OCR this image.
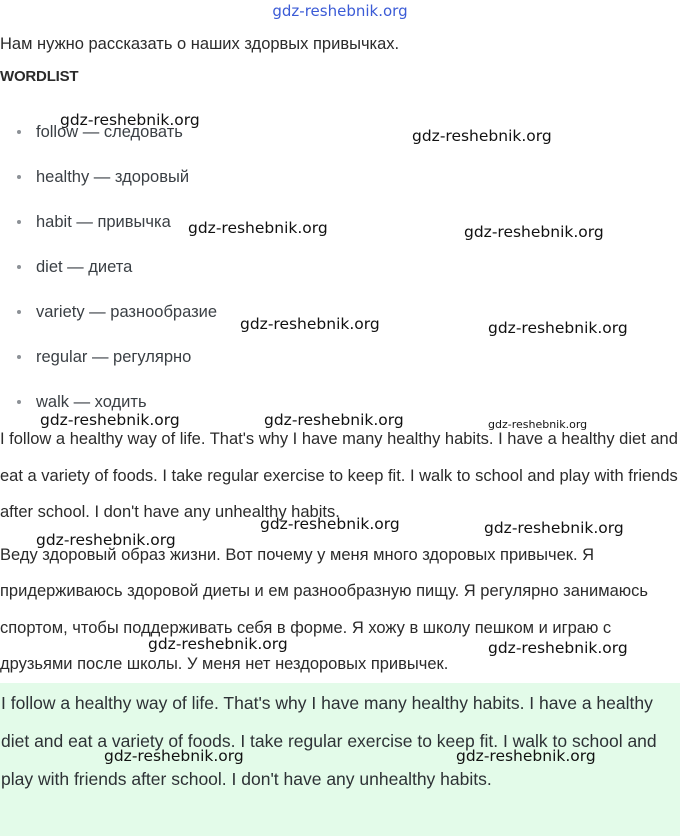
gdz-reshebnik.org
Нам нужно рассказать о наших здорвых привычках.
WORDLIST
follow — следовать
healthy — здоровый
habit — привычка
diet — диета
variety — разнообразие
regular — регулярно
walk — ходить

I follow a healthy way of life. That's why I have many healthy habits. I have a healthy diet and eat a variety of foods. I take regular exercise to keep fit. I walk to school and play with friends after school. I don't have any unhealthy habits.

Веду здоровый образ жизни. Вот почему у меня много здоровых привычек. Я придерживаюсь здоровой диеты и ем разнообразную пищу. Я регулярно занимаюсь спортом, чтобы поддерживать себя в форме. Я хожу в школу пешком и играю с друзьями после школы. У меня нет нездоровых привычек.

I follow a healthy way of life. That's why I have many healthy habits. I have a healthy diet and eat a variety of foods. I take regular exercise to keep fit. I walk to school and play with friends after school. I don't have any unhealthy habits.

gdz-reshebnik.org
gdz-reshebnik.org
gdz-reshebnik.org	gdz-reshebnik.org
gdz-reshebnik.org	gdz-reshebnik.org
gdz-reshebnik.org	gdz-reshebnik.org	gdz-reshebnik.org
gdz-reshebnik.org	gdz-reshebnik.org
gdz-reshebnik.org
gdz-reshebnik.org	gdz-reshebnik.org
gdz-reshebnik.org	gdz-reshebnik.org
